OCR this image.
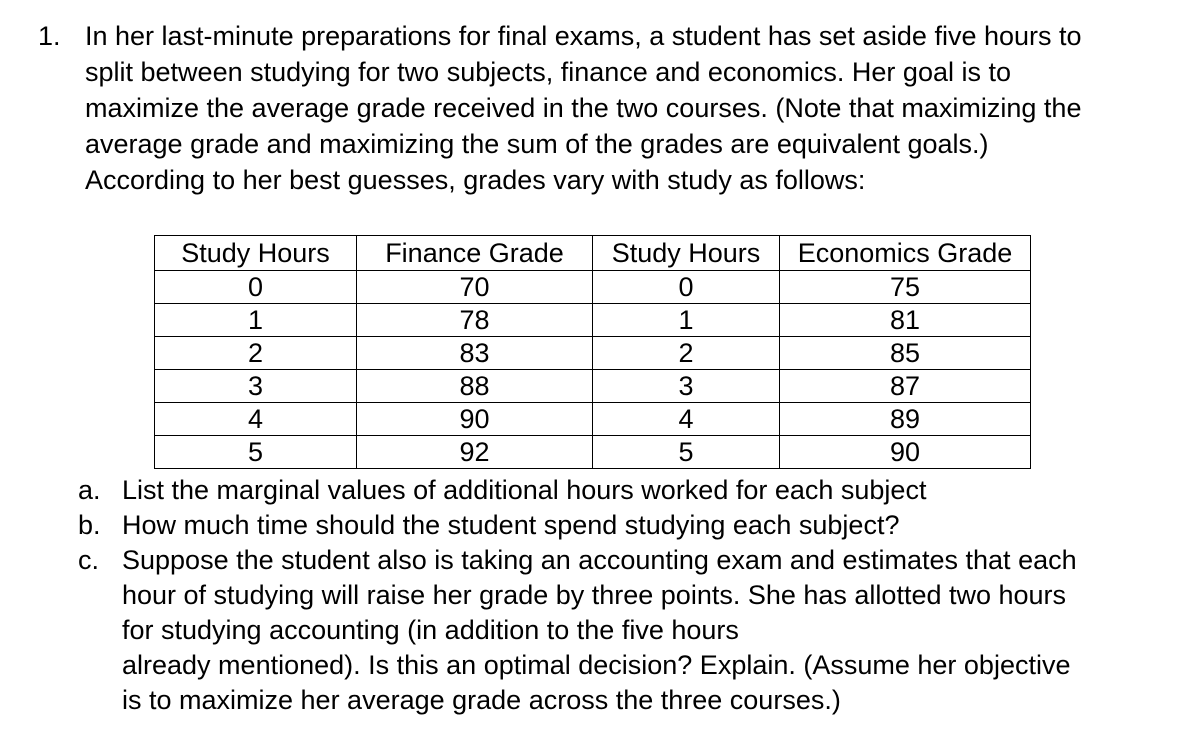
1. In her last-minute preparations for final exams, a student has set aside five hours to
split between studying for two subjects, finance and economics. Her goal is to
maximize the average grade received in the two courses. (Note that maximizing the
average grade and maximizing the sum of the grades are equivalent goals.)
According to her best guesses, grades vary with study as follows:

Study Hours	Finance Grade	Study Hours	Economics Grade
0	70	0	75
1	78	1	81
2	83	2	85
3	88	3	87
4	90	4	89
5	92	5	90
a. List the marginal values of additional hours worked for each subject
b. How much time should the student spend studying each subject?
c. Suppose the student also is taking an accounting exam and estimates that each
hour of studying will raise her grade by three points. She has allotted two hours
for studying accounting (in addition to the five hours
already mentioned). Is this an optimal decision? Explain. (Assume her objective
is to maximize her average grade across the three courses.)
